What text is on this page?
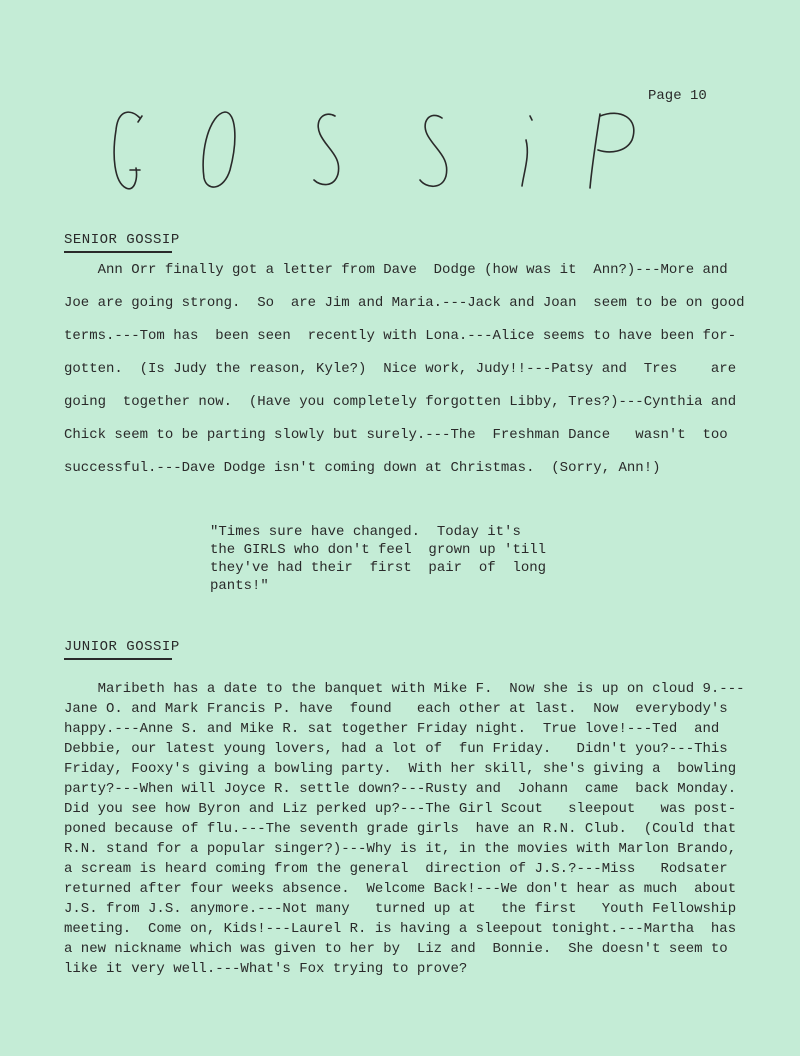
Page 10
SENIOR GOSSIP
Ann Orr finally got a letter from Dave  Dodge (how was it  Ann?)---More and
Joe are going strong.  So  are Jim and Maria.---Jack and Joan  seem to be on good
terms.---Tom has  been seen  recently with Lona.---Alice seems to have been for-
gotten.  (Is Judy the reason, Kyle?)  Nice work, Judy!!---Patsy and  Tres    are
going  together now.  (Have you completely forgotten Libby, Tres?)---Cynthia and
Chick seem to be parting slowly but surely.---The  Freshman Dance   wasn't  too
successful.---Dave Dodge isn't coming down at Christmas.  (Sorry, Ann!)
"Times sure have changed.  Today it's
the GIRLS who don't feel  grown up 'till
they've had their  first  pair  of  long
pants!"
JUNIOR GOSSIP
Maribeth has a date to the banquet with Mike F.  Now she is up on cloud 9.---
Jane O. and Mark Francis P. have  found   each other at last.  Now  everybody's
happy.---Anne S. and Mike R. sat together Friday night.  True love!---Ted  and
Debbie, our latest young lovers, had a lot of  fun Friday.   Didn't you?---This
Friday, Fooxy's giving a bowling party.  With her skill, she's giving a  bowling
party?---When will Joyce R. settle down?---Rusty and  Johann  came  back Monday.
Did you see how Byron and Liz perked up?---The Girl Scout   sleepout   was post-
poned because of flu.---The seventh grade girls  have an R.N. Club.  (Could that
R.N. stand for a popular singer?)---Why is it, in the movies with Marlon Brando,
a scream is heard coming from the general  direction of J.S.?---Miss   Rodsater
returned after four weeks absence.  Welcome Back!---We don't hear as much  about
J.S. from J.S. anymore.---Not many   turned up at   the first   Youth Fellowship
meeting.  Come on, Kids!---Laurel R. is having a sleepout tonight.---Martha  has
a new nickname which was given to her by  Liz and  Bonnie.  She doesn't seem to
like it very well.---What's Fox trying to prove?
